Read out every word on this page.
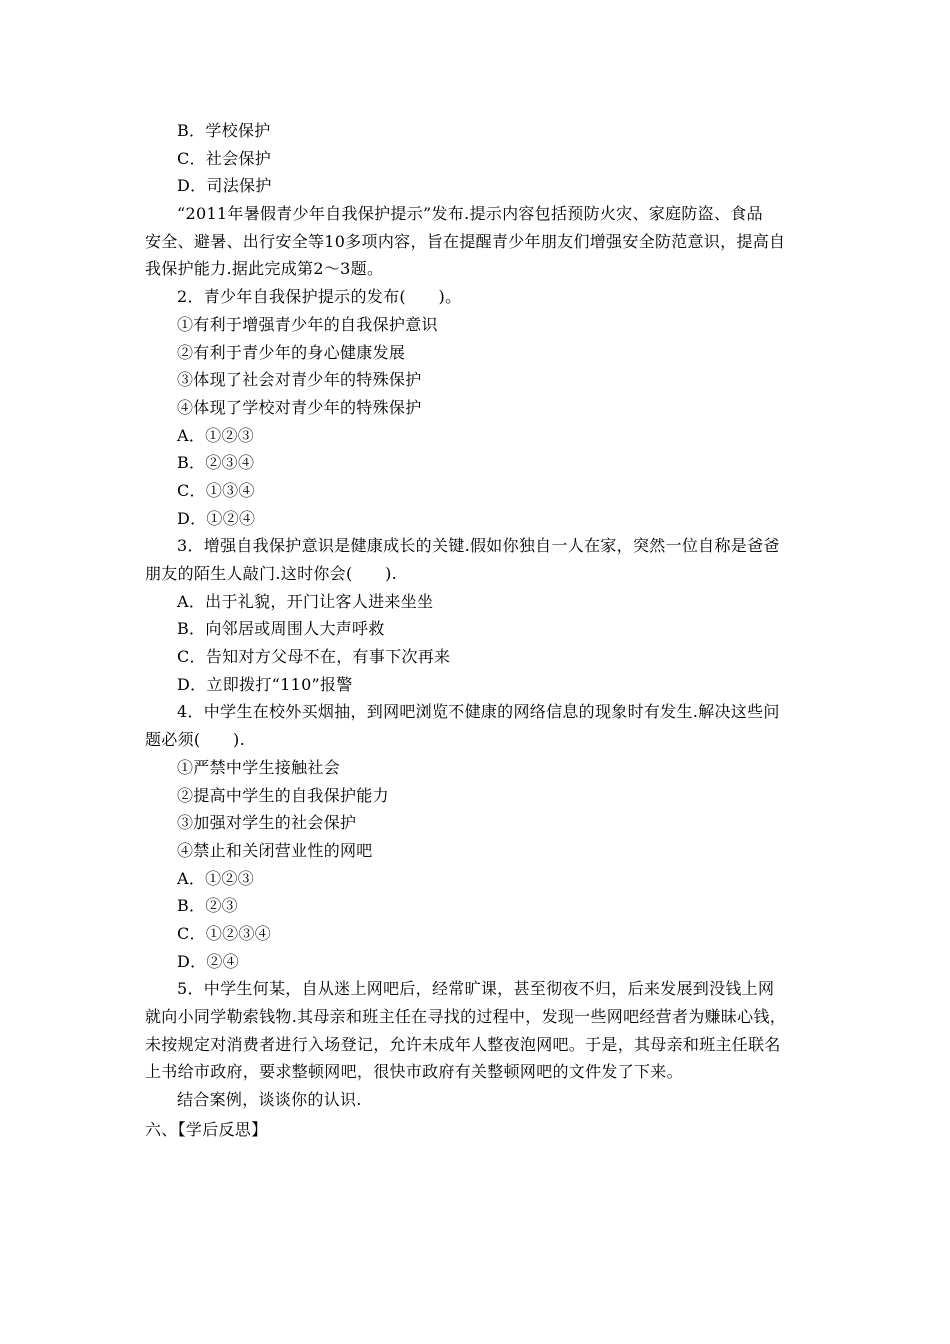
B．学校保护
C．社会保护
D．司法保护
“2011年暑假青少年自我保护提示”发布.提示内容包括预防火灾、家庭防盗、食品
安全、避暑、出行安全等10多项内容，旨在提醒青少年朋友们增强安全防范意识，提高自
我保护能力.据此完成第2～3题。
2．青少年自我保护提示的发布(　　)。
①有利于增强青少年的自我保护意识
②有利于青少年的身心健康发展
③体现了社会对青少年的特殊保护
④体现了学校对青少年的特殊保护
A．①②③
B．②③④
C．①③④
D．①②④
3．增强自我保护意识是健康成长的关键.假如你独自一人在家，突然一位自称是爸爸
朋友的陌生人敲门.这时你会(　　).
A．出于礼貌，开门让客人进来坐坐
B．向邻居或周围人大声呼救
C．告知对方父母不在，有事下次再来
D．立即拨打“110”报警
4．中学生在校外买烟抽，到网吧浏览不健康的网络信息的现象时有发生.解决这些问
题必须(　　).
①严禁中学生接触社会
②提高中学生的自我保护能力
③加强对学生的社会保护
④禁止和关闭营业性的网吧
A．①②③
B．②③
C．①②③④
D．②④
5．中学生何某，自从迷上网吧后，经常旷课，甚至彻夜不归，后来发展到没钱上网
就向小同学勒索钱物.其母亲和班主任在寻找的过程中，发现一些网吧经营者为赚昧心钱，
未按规定对消费者进行入场登记，允许未成年人整夜泡网吧。于是，其母亲和班主任联名
上书给市政府，要求整顿网吧，很快市政府有关整顿网吧的文件发了下来。
结合案例，谈谈你的认识.
六、【学后反思】
